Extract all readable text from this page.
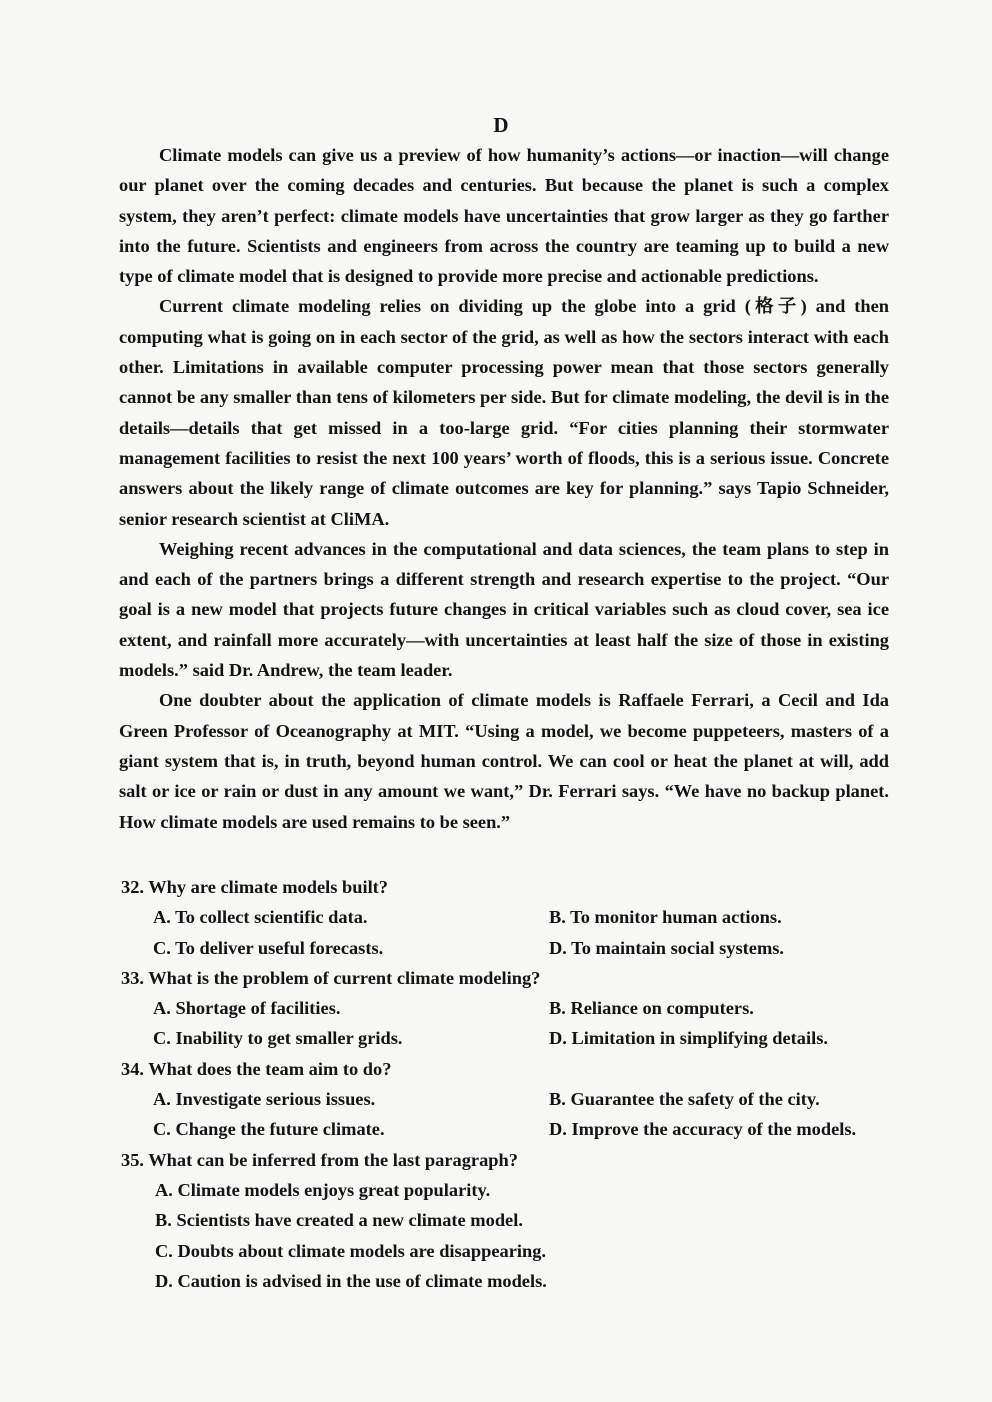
D

Climate models can give us a preview of how humanity’s actions—or inaction—will change our planet over the coming decades and centuries. But because the planet is such a complex system, they aren’t perfect: climate models have uncertainties that grow larger as they go farther into the future. Scientists and engineers from across the country are teaming up to build a new type of climate model that is designed to provide more precise and actionable predictions.

Current climate modeling relies on dividing up the globe into a grid (格子) and then computing what is going on in each sector of the grid, as well as how the sectors interact with each other. Limitations in available computer processing power mean that those sectors generally cannot be any smaller than tens of kilometers per side. But for climate modeling, the devil is in the details—details that get missed in a too-large grid. “For cities planning their stormwater management facilities to resist the next 100 years’ worth of floods, this is a serious issue. Concrete answers about the likely range of climate outcomes are key for planning.” says Tapio Schneider, senior research scientist at CliMA.

Weighing recent advances in the computational and data sciences, the team plans to step in and each of the partners brings a different strength and research expertise to the project. “Our goal is a new model that projects future changes in critical variables such as cloud cover, sea ice extent, and rainfall more accurately—with uncertainties at least half the size of those in existing models.” said Dr. Andrew, the team leader.

One doubter about the application of climate models is Raffaele Ferrari, a Cecil and Ida Green Professor of Oceanography at MIT. “Using a model, we become puppeteers, masters of a giant system that is, in truth, beyond human control. We can cool or heat the planet at will, add salt or ice or rain or dust in any amount we want,” Dr. Ferrari says. “We have no backup planet. How climate models are used remains to be seen.”

32. Why are climate models built?

A. To collect scientific data.	B. To monitor human actions.
C. To deliver useful forecasts.	D. To maintain social systems.

33. What is the problem of current climate modeling?

A. Shortage of facilities.	B. Reliance on computers.
C. Inability to get smaller grids.	D. Limitation in simplifying details.

34. What does the team aim to do?

A. Investigate serious issues.	B. Guarantee the safety of the city.
C. Change the future climate.	D. Improve the accuracy of the models.

35. What can be inferred from the last paragraph?

A. Climate models enjoys great popularity.
B. Scientists have created a new climate model.
C. Doubts about climate models are disappearing.
D. Caution is advised in the use of climate models.
